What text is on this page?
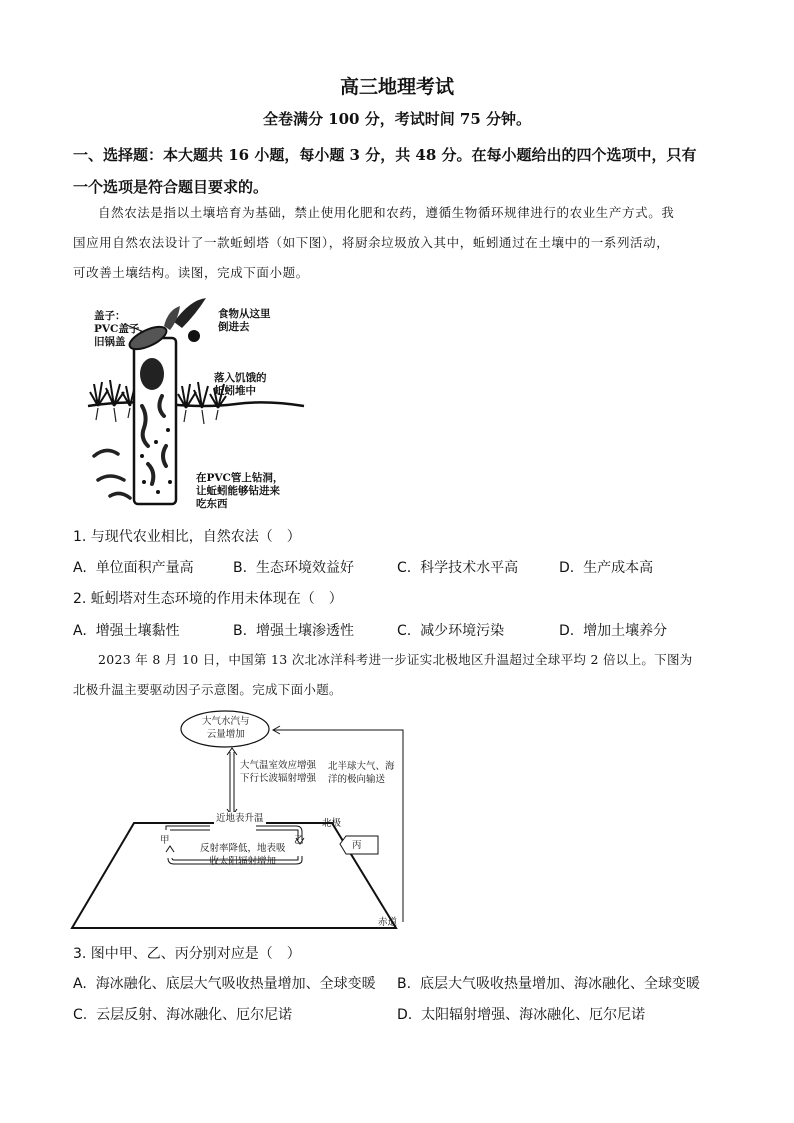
高三地理考试
全卷满分 100 分，考试时间 75 分钟。
一、选择题：本大题共 16 小题，每小题 3 分，共 48 分。在每小题给出的四个选项中，只有
一个选项是符合题目要求的。
自然农法是指以土壤培育为基础，禁止使用化肥和农药，遵循生物循环规律进行的农业生产方式。我
国应用自然农法设计了一款蚯蚓塔（如下图），将厨余垃圾放入其中，蚯蚓通过在土壤中的一系列活动，
可改善土壤结构。读图，完成下面小题。
盖子：
PVC盖子、
旧锅盖
食物从这里
倒进去
落入饥饿的
蚯蚓堆中
在PVC管上钻洞，
让蚯蚓能够钻进来
吃东西
1. 与现代农业相比，自然农法（　）
A. 单位面积产量高	B. 生态环境效益好	C. 科学技术水平高	D. 生产成本高
2. 蚯蚓塔对生态环境的作用未体现在（　）
A. 增强土壤黏性	B. 增强土壤渗透性	C. 减少环境污染	D. 增加土壤养分
2023 年 8 月 10 日，中国第 13 次北冰洋科考进一步证实北极地区升温超过全球平均 2 倍以上。下图为
北极升温主要驱动因子示意图。完成下面小题。
大气水汽与
云量增加
大气温室效应增强
下行长波辐射增强
北半球大气、海
洋的极向输送
近地表升温	北极
甲	乙	丙
反射率降低，地表吸
收太阳辐射增加
赤道
3. 图中甲、乙、丙分别对应是（　）
A. 海冰融化、底层大气吸收热量增加、全球变暖 B. 底层大气吸收热量增加、海冰融化、全球变暖
C. 云层反射、海冰融化、厄尔尼诺	D. 太阳辐射增强、海冰融化、厄尔尼诺
